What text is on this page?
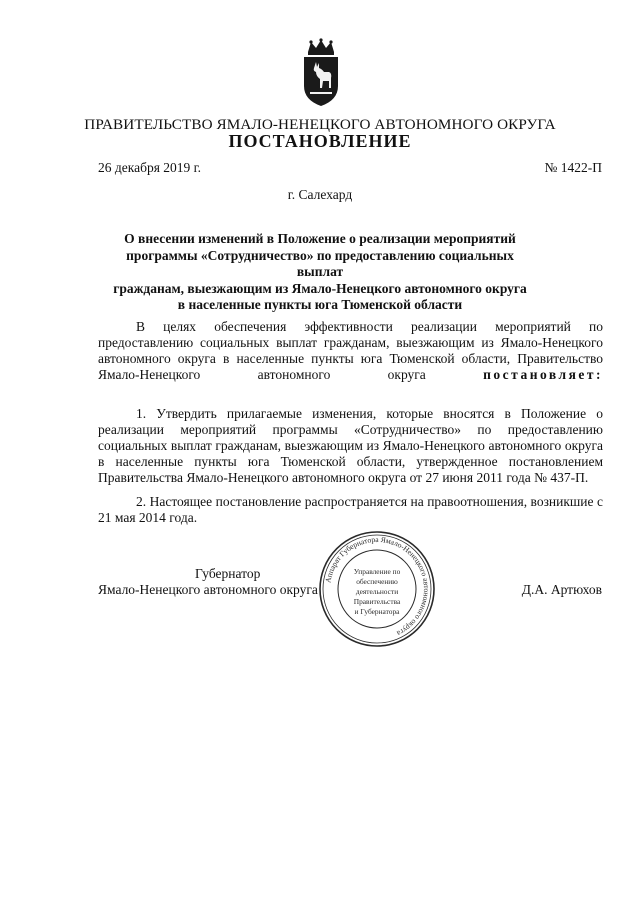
ПРАВИТЕЛЬСТВО ЯМАЛО-НЕНЕЦКОГО АВТОНОМНОГО ОКРУГА
ПОСТАНОВЛЕНИЕ
26 декабря 2019 г.	№ 1422-П
г. Салехард
О внесении изменений в Положение о реализации мероприятий
программы «Сотрудничество» по предоставлению социальных выплат
гражданам, выезжающим из Ямало-Ненецкого автономного округа
в населенные пункты юга Тюменской области

В целях обеспечения эффективности реализации мероприятий по предоставлению социальных выплат гражданам, выезжающим из Ямало-Ненецкого автономного округа в населенные пункты юга Тюменской области, Правительство Ямало-Ненецкого автономного округа	постановляет:

1. Утвердить прилагаемые изменения, которые вносятся в Положение о реализации мероприятий программы «Сотрудничество» по предоставлению социальных выплат гражданам, выезжающим из Ямало-Ненецкого автономного округа в населенные пункты юга Тюменской области, утвержденное постановлением Правительства Ямало-Ненецкого автономного округа от 27 июня 2011 года № 437-П.

2. Настоящее постановление распространяется на правоотношения, возникшие с 21 мая 2014 года.

Губернатор
Ямало-Ненецкого автономного округа	Д.А. Артюхов
Аппарат Губернатора Ямало-Ненецкого автономного округа
Управление по
обеспечению
деятельности
Правительства
и Губернатора
